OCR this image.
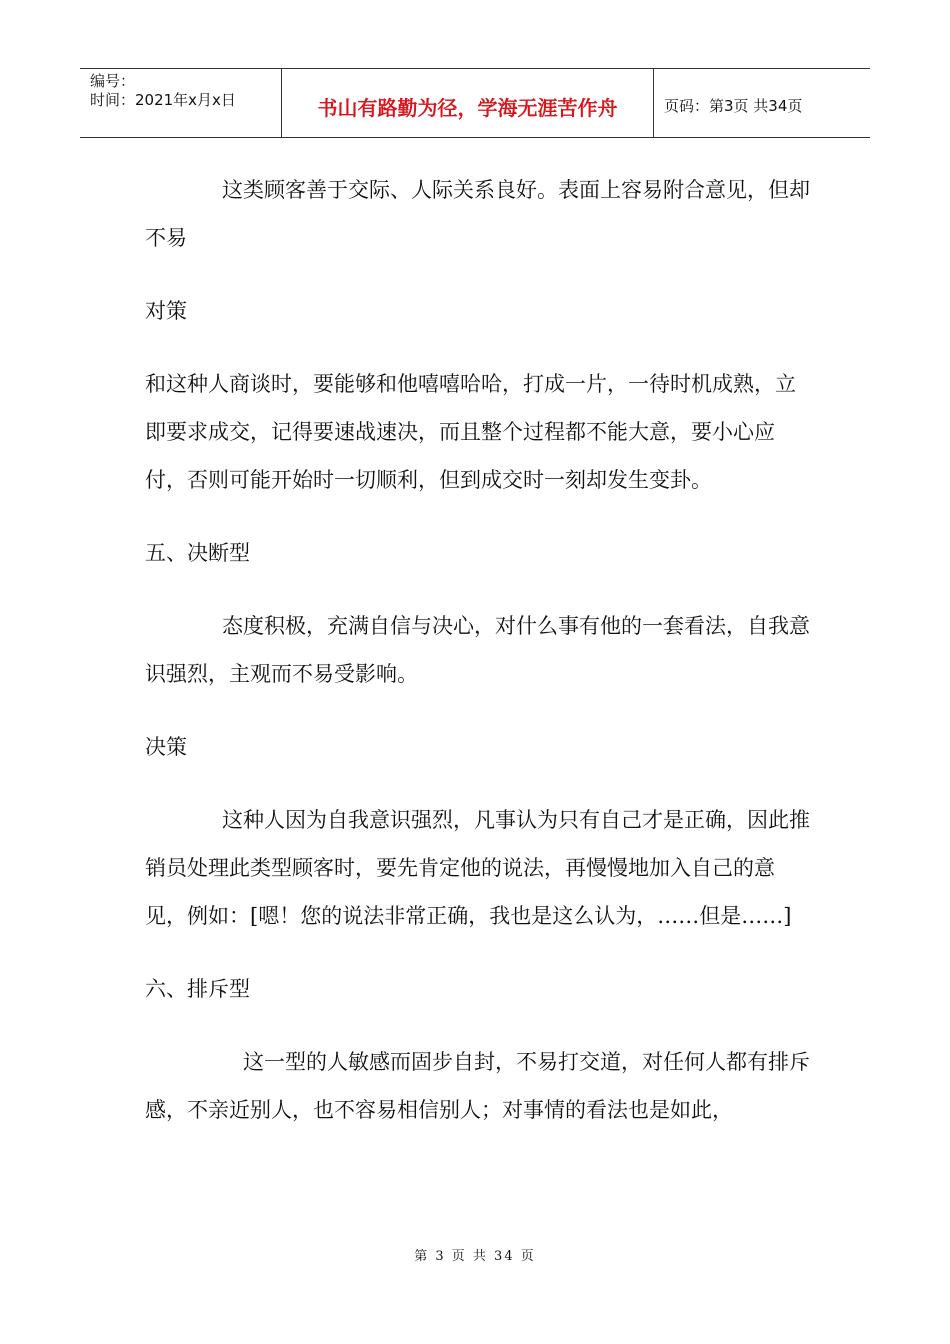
编号：
时间：2021年x月x日	书山有路勤为径，学海无涯苦作舟	页码：第3页 共34页

这类顾客善于交际、人际关系良好。表面上容易附合意见，但却不易

对策

和这种人商谈时，要能够和他嘻嘻哈哈，打成一片，一待时机成熟，立即要求成交，记得要速战速决，而且整个过程都不能大意，要小心应付，否则可能开始时一切顺利，但到成交时一刻却发生变卦。

五、决断型

态度积极，充满自信与决心，对什么事有他的一套看法，自我意识强烈，主观而不易受影响。

决策

这种人因为自我意识强烈，凡事认为只有自己才是正确，因此推销员处理此类型顾客时，要先肯定他的说法，再慢慢地加入自己的意见，例如：[嗯！您的说法非常正确，我也是这么认为，……但是……]

六、排斥型

这一型的人敏感而固步自封，不易打交道，对任何人都有排斥感，不亲近别人，也不容易相信别人；对事情的看法也是如此，

第 3 页 共 34 页
